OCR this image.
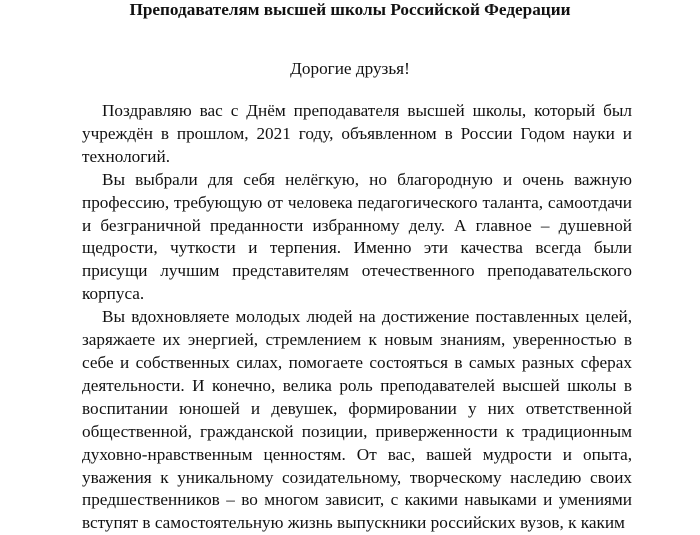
Преподавателям высшей школы Российской Федерации
Дорогие друзья!

Поздравляю вас с Днём преподавателя высшей школы, который был учреждён в прошлом, 2021 году, объявленном в России Годом науки и технологий.

Вы выбрали для себя нелёгкую, но благородную и очень важную профессию, требующую от человека педагогического таланта, самоотдачи и безграничной преданности избранному делу. А главное – душевной щедрости, чуткости и терпения. Именно эти качества всегда были присущи лучшим представителям отечественного преподавательского корпуса.

Вы вдохновляете молодых людей на достижение поставленных целей, заряжаете их энергией, стремлением к новым знаниям, уверенностью в себе и собственных силах, помогаете состояться в самых разных сферах деятельности. И конечно, велика роль преподавателей высшей школы в воспитании юношей и девушек, формировании у них ответственной общественной, гражданской позиции, приверженности к традиционным духовно-нравственным ценностям. От вас, вашей мудрости и опыта, уважения к уникальному созидательному, творческому наследию своих предшественников – во многом зависит, с какими навыками и умениями вступят в самостоятельную жизнь выпускники российских вузов, к каким
